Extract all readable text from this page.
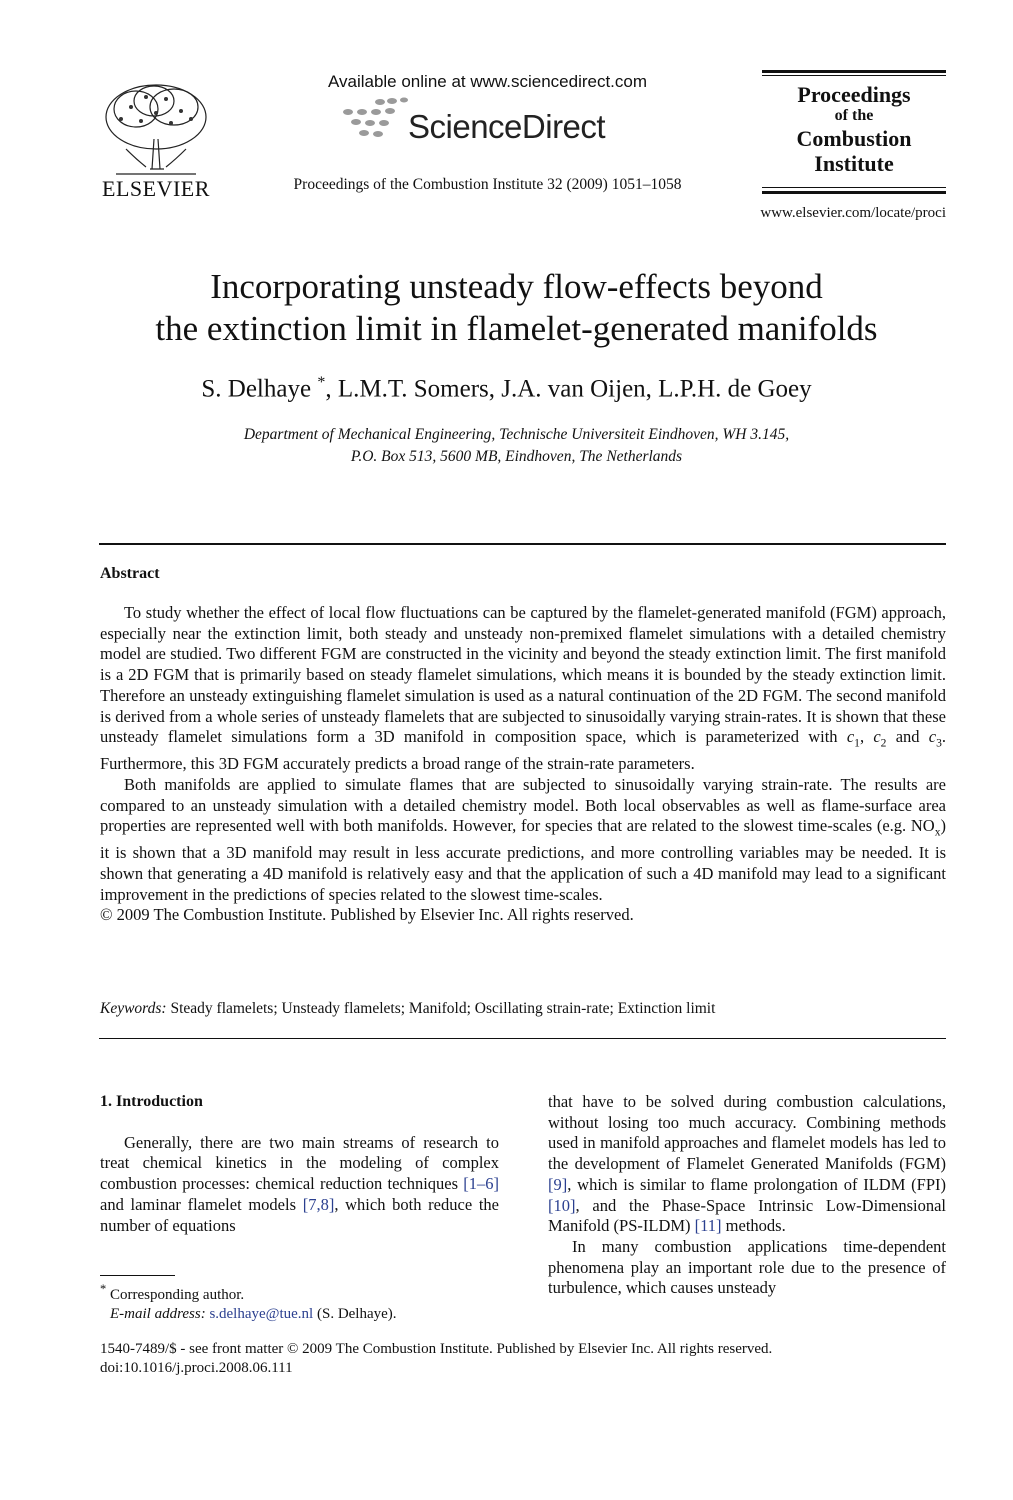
ELSEVIER
Available online at www.sciencedirect.com
ScienceDirect
Proceedings of the Combustion Institute 32 (2009) 1051–1058
Proceedings
of the
Combustion
Institute
www.elsevier.com/locate/proci
Incorporating unsteady flow-effects beyond
the extinction limit in flamelet-generated manifolds
S. Delhaye *, L.M.T. Somers, J.A. van Oijen, L.P.H. de Goey
Department of Mechanical Engineering, Technische Universiteit Eindhoven, WH 3.145,
P.O. Box 513, 5600 MB, Eindhoven, The Netherlands
Abstract

To study whether the effect of local flow fluctuations can be captured by the flamelet-generated manifold (FGM) approach, especially near the extinction limit, both steady and unsteady non-premixed flamelet simulations with a detailed chemistry model are studied. Two different FGM are constructed in the vicinity and beyond the steady extinction limit. The first manifold is a 2D FGM that is primarily based on steady flamelet simulations, which means it is bounded by the steady extinction limit. Therefore an unsteady extinguishing flamelet simulation is used as a natural continuation of the 2D FGM. The second manifold is derived from a whole series of unsteady flamelets that are subjected to sinusoidally varying strain-rates. It is shown that these unsteady flamelet simulations form a 3D manifold in composition space, which is parameterized with $c_1$, $c_2$ and $c_3$. Furthermore, this 3D FGM accurately predicts a broad range of the strain-rate parameters.

Both manifolds are applied to simulate flames that are subjected to sinusoidally varying strain-rate. The results are compared to an unsteady simulation with a detailed chemistry model. Both local observables as well as flame-surface area properties are represented well with both manifolds. However, for species that are related to the slowest time-scales (e.g. $NO_x$) it is shown that a 3D manifold may result in less accurate predictions, and more controlling variables may be needed. It is shown that generating a 4D manifold is relatively easy and that the application of such a 4D manifold may lead to a significant improvement in the predictions of species related to the slowest time-scales.

© 2009 The Combustion Institute. Published by Elsevier Inc. All rights reserved.

Keywords: Steady flamelets; Unsteady flamelets; Manifold; Oscillating strain-rate; Extinction limit

1. Introduction

Generally, there are two main streams of research to treat chemical kinetics in the modeling of complex combustion processes: chemical reduction techniques [1–6] and laminar flamelet models [7,8], which both reduce the number of equations

that have to be solved during combustion calculations, without losing too much accuracy. Combining methods used in manifold approaches and flamelet models has led to the development of Flamelet Generated Manifolds (FGM) [9], which is similar to flame prolongation of ILDM (FPI) [10], and the Phase-Space Intrinsic Low-Dimensional Manifold (PS-ILDM) [11] methods.

In many combustion applications time-dependent phenomena play an important role due to the presence of turbulence, which causes unsteady

* Corresponding author.
E-mail address: s.delhaye@tue.nl (S. Delhaye).
1540-7489/$ - see front matter © 2009 The Combustion Institute. Published by Elsevier Inc. All rights reserved.
doi:10.1016/j.proci.2008.06.111
